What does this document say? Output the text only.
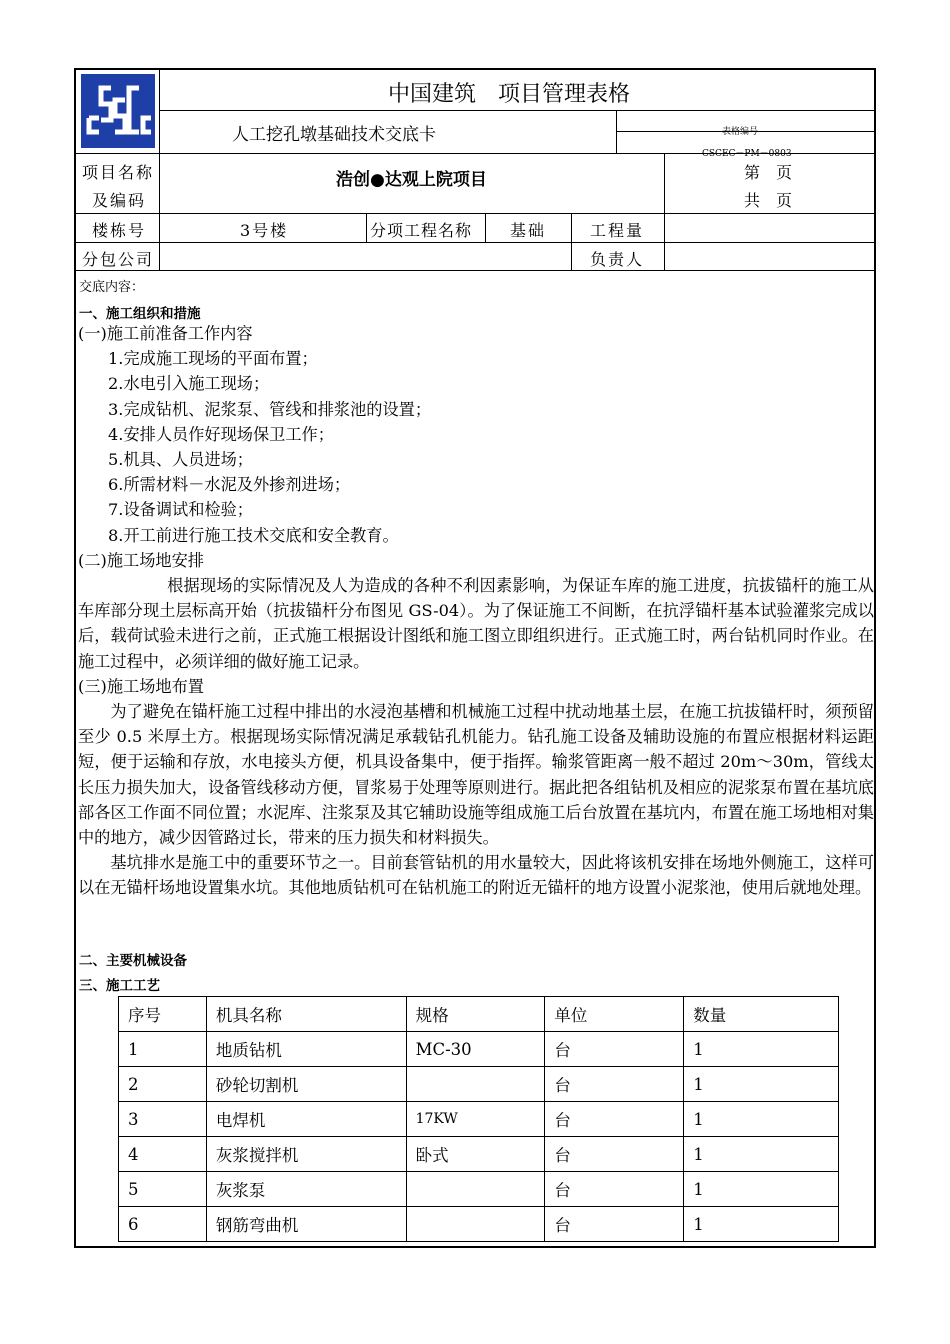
中国建筑　项目管理表格
人工挖孔墩基础技术交底卡	表格编号
CSCEC－PM－0803
项目名称
及编码
浩创●达观上院项目	第　页
共　页
楼栋号	3号楼	分项工程名称 基础	工程量
分包公司	负责人
交底内容：
一、施工组织和措施
(一)施工前准备工作内容
1.完成施工现场的平面布置；
2.水电引入施工现场；
3.完成钻机、泥浆泵、管线和排浆池的设置；
4.安排人员作好现场保卫工作；
5.机具、人员进场；
6.所需材料－水泥及外掺剂进场；
7.设备调试和检验；
8.开工前进行施工技术交底和安全教育。
(二)施工场地安排

根据现场的实际情况及人为造成的各种不利因素影响，为保证车库的施工进度，抗拔锚杆的施工从车库部分现土层标高开始（抗拔锚杆分布图见 GS-04）。为了保证施工不间断，在抗浮锚杆基本试验灌浆完成以后，载荷试验未进行之前，正式施工根据设计图纸和施工图立即组织进行。正式施工时，两台钻机同时作业。在施工过程中，必须详细的做好施工记录。

(三)施工场地布置

为了避免在锚杆施工过程中排出的水浸泡基槽和机械施工过程中扰动地基土层，在施工抗拔锚杆时，须预留至少 0.5 米厚土方。根据现场实际情况满足承载钻孔机能力。钻孔施工设备及辅助设施的布置应根据材料运距短，便于运输和存放，水电接头方便，机具设备集中，便于指挥。输浆管距离一般不超过 20m～30m，管线太长压力损失加大，设备管线移动方便，冒浆易于处理等原则进行。据此把各组钻机及相应的泥浆泵布置在基坑底部各区工作面不同位置；水泥库、注浆泵及其它辅助设施等组成施工后台放置在基坑内，布置在施工场地相对集中的地方，减少因管路过长，带来的压力损失和材料损失。

基坑排水是施工中的重要环节之一。目前套管钻机的用水量较大，因此将该机安排在场地外侧施工，这样可以在无锚杆场地设置集水坑。其他地质钻机可在钻机施工的附近无锚杆的地方设置小泥浆池，使用后就地处理。

二、主要机械设备
三、施工工艺
序号	机具名称	规格	单位	数量
1	地质钻机	MC-30	台	1
2	砂轮切割机		台	1
3	电焊机	17KW	台	1
4	灰浆搅拌机	卧式	台	1
5	灰浆泵		台	1
6	钢筋弯曲机		台	1
